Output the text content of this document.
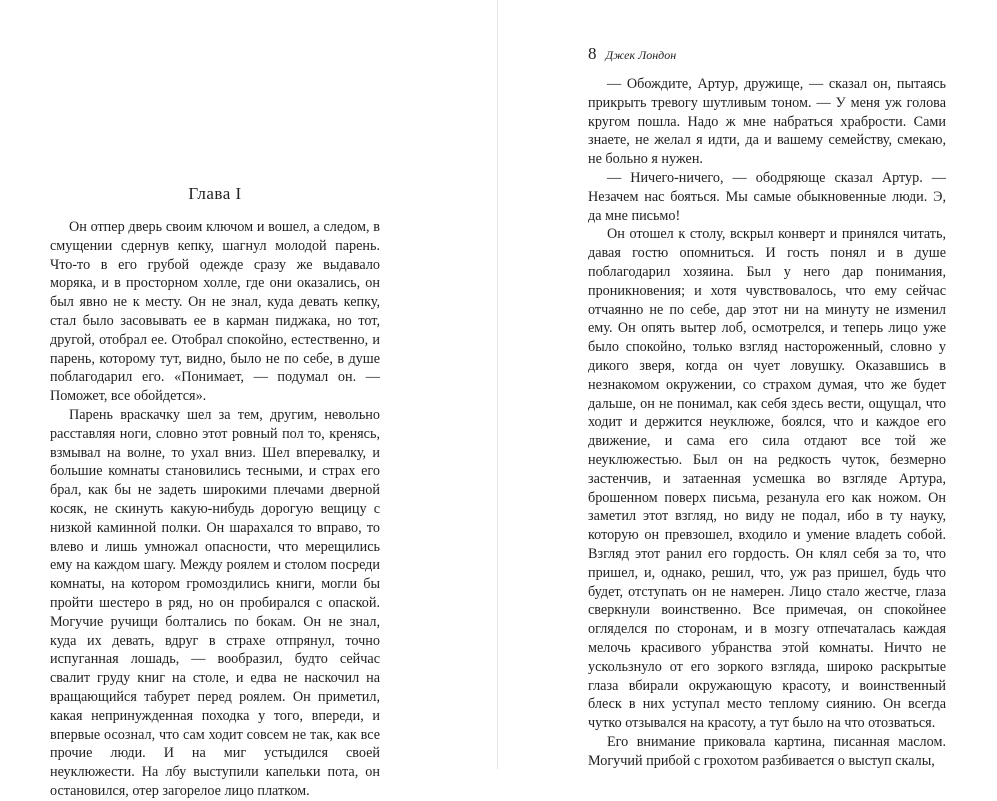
Глава I

Он отпер дверь своим ключом и вошел, а следом, в смущении сдернув кепку, шагнул молодой парень. Что-то в его грубой одежде сразу же выдавало моряка, и в просторном холле, где они оказались, он был явно не к месту. Он не знал, куда девать кепку, стал было засовывать ее в карман пиджака, но тот, другой, отобрал ее. Отобрал спокойно, естественно, и парень, которому тут, видно, было не по себе, в душе поблагодарил его. «Понимает, — подумал он. — Поможет, все обойдется».

Парень враскачку шел за тем, другим, невольно расставляя ноги, словно этот ровный пол то, кренясь, взмывал на волне, то ухал вниз. Шел вперевалку, и большие комнаты становились тесными, и страх его брал, как бы не задеть широкими плечами дверной косяк, не скинуть какую-нибудь дорогую вещицу с низкой каминной полки. Он шарахался то вправо, то влево и лишь умножал опасности, что мерещились ему на каждом шагу. Между роялем и столом посреди комнаты, на котором громоздились книги, могли бы пройти шестеро в ряд, но он пробирался с опаской. Могучие ручищи болтались по бокам. Он не знал, куда их девать, вдруг в страхе отпрянул, точно испуганная лошадь, — вообразил, будто сейчас свалит груду книг на столе, и едва не наскочил на вращающийся табурет перед роялем. Он приметил, какая непринужденная походка у того, впереди, и впервые осознал, что сам ходит совсем не так, как все прочие люди. И на миг устыдился своей неуклюжести. На лбу выступили капельки пота, он остановился, отер загорелое лицо платком.

8 Джек Лондон

— Обождите, Артур, дружище, — сказал он, пытаясь прикрыть тревогу шутливым тоном. — У меня уж голова кругом пошла. Надо ж мне набраться храбрости. Сами знаете, не желал я идти, да и вашему семейству, смекаю, не больно я нужен.

— Ничего-ничего, — ободряюще сказал Артур. — Незачем нас бояться. Мы самые обыкновенные люди. Э, да мне письмо!

Он отошел к столу, вскрыл конверт и принялся читать, давая гостю опомниться. И гость понял и в душе поблагодарил хозяина. Был у него дар понимания, проникновения; и хотя чувствовалось, что ему сейчас отчаянно не по себе, дар этот ни на минуту не изменил ему. Он опять вытер лоб, осмотрелся, и теперь лицо уже было спокойно, только взгляд настороженный, словно у дикого зверя, когда он чует ловушку. Оказавшись в незнакомом окружении, со страхом думая, что же будет дальше, он не понимал, как себя здесь вести, ощущал, что ходит и держится неуклюже, боялся, что и каждое его движение, и сама его сила отдают все той же неуклюжестью. Был он на редкость чуток, безмерно застенчив, и затаенная усмешка во взгляде Артура, брошенном поверх письма, резанула его как ножом. Он заметил этот взгляд, но виду не подал, ибо в ту науку, которую он превзошел, входило и умение владеть собой. Взгляд этот ранил его гордость. Он клял себя за то, что пришел, и, однако, решил, что, уж раз пришел, будь что будет, отступать он не намерен. Лицо стало жестче, глаза сверкнули воинственно. Все примечая, он спокойнее огляделся по сторонам, и в мозгу отпечаталась каждая мелочь красивого убранства этой комнаты. Ничто не ускользнуло от его зоркого взгляда, широко раскрытые глаза вбирали окружающую красоту, и воинственный блеск в них уступал место теплому сиянию. Он всегда чутко отзывался на красоту, а тут было на что отозваться.

Его внимание приковала картина, писанная маслом. Могучий прибой с грохотом разбивается о выступ скалы,
